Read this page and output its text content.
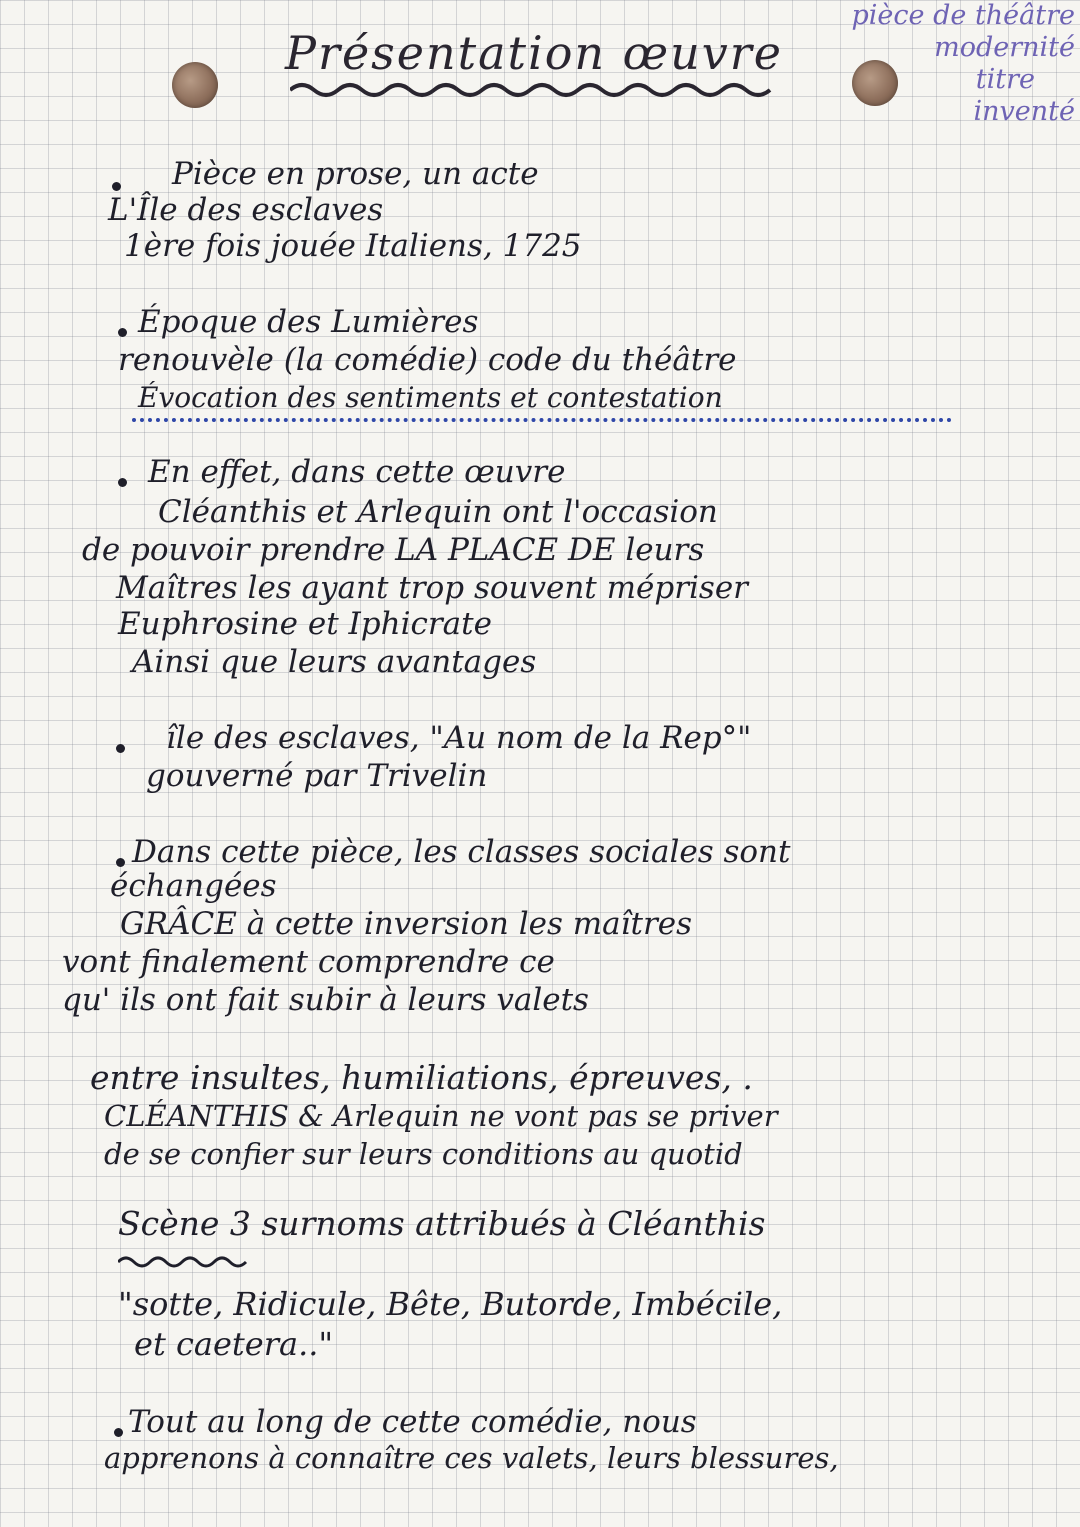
Présentation œuvre
pièce de théâtre
modernité
titre
inventé
Pièce en prose, un acte
L'Île des esclaves
1ère fois jouée Italiens, 1725
Époque des Lumières
renouvèle (la comédie) code du théâtre
Évocation des sentiments et contestation
En effet, dans cette œuvre
Cléanthis et Arlequin ont l'occasion
de pouvoir prendre LA PLACE DE leurs
Maîtres les ayant trop souvent mépriser
Euphrosine et Iphicrate
Ainsi que leurs avantages
île des esclaves, "Au nom de la Rep°"
gouverné par Trivelin
Dans cette pièce, les classes sociales sont
échangées
GRÂCE à cette inversion les maîtres
vont finalement comprendre ce
qu' ils ont fait subir à leurs valets
entre insultes, humiliations, épreuves, .
CLÉANTHIS & Arlequin ne vont pas se priver
de se confier sur leurs conditions au quotid
Scène 3 surnoms attribués à Cléanthis
"sotte, Ridicule, Bête, Butorde, Imbécile,
et caetera.."
Tout au long de cette comédie, nous
apprenons à connaître ces valets, leurs blessures,
